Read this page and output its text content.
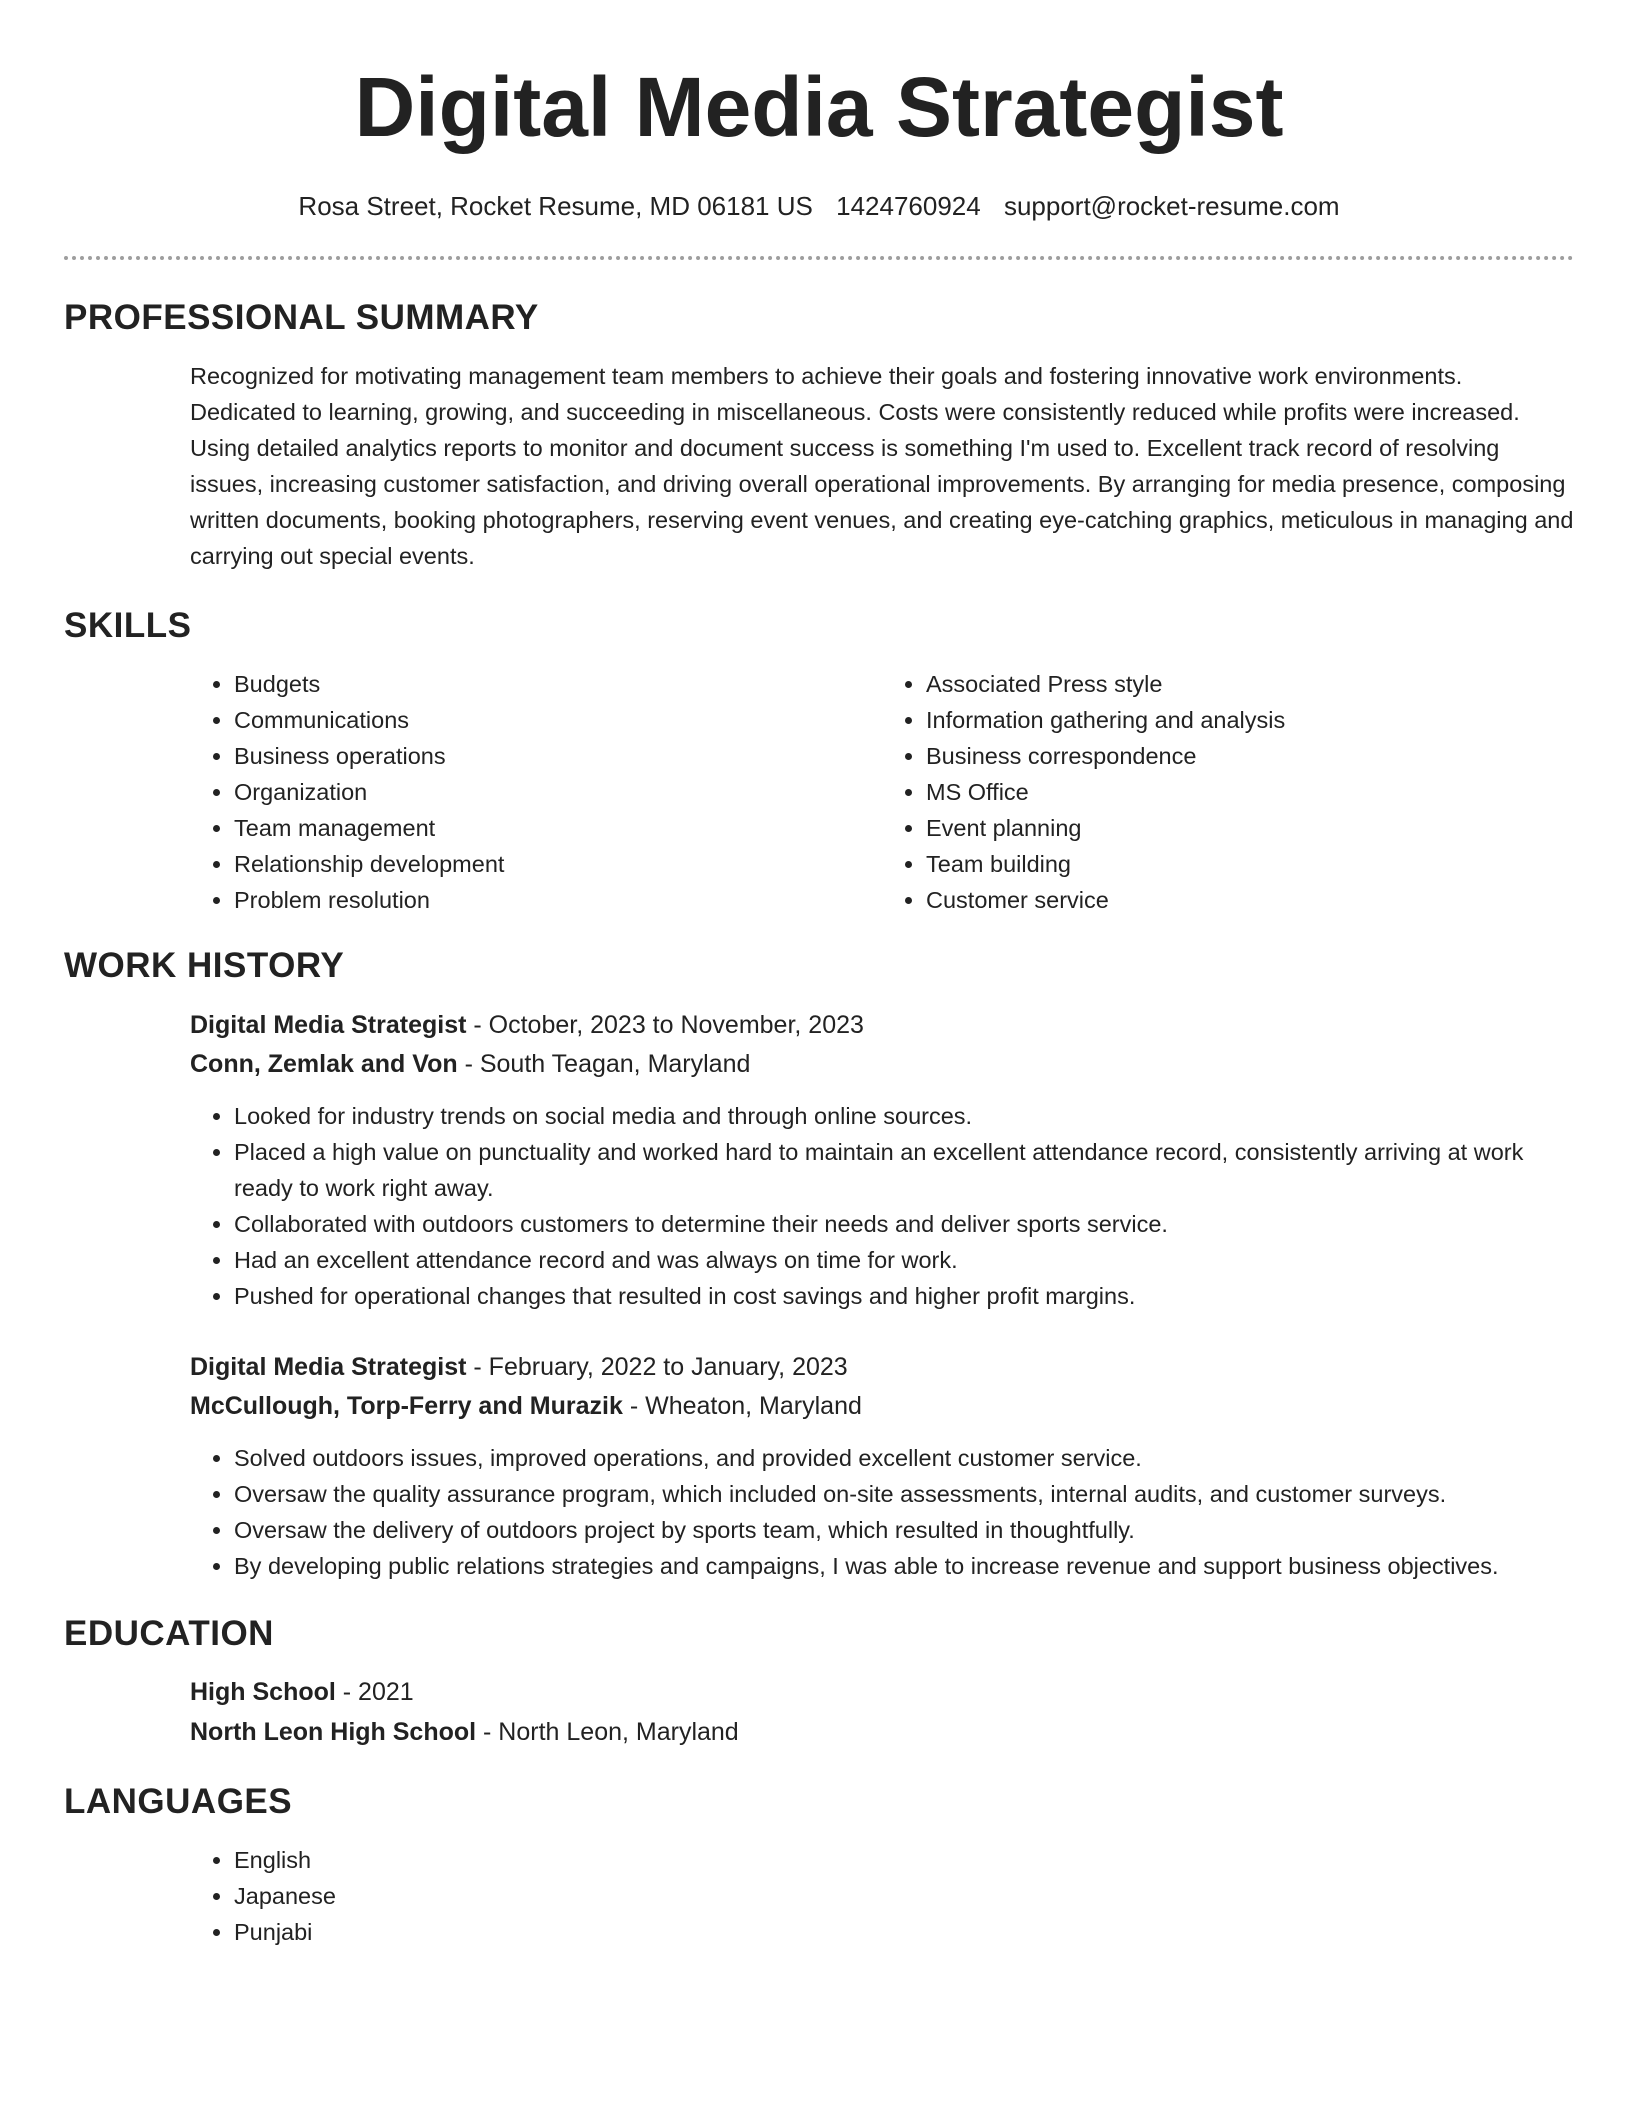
Digital Media Strategist
Rosa Street, Rocket Resume, MD 06181 US 1424760924 support@rocket-resume.com
PROFESSIONAL SUMMARY

Recognized for motivating management team members to achieve their goals and fostering innovative work environments. Dedicated to learning, growing, and succeeding in miscellaneous. Costs were consistently reduced while profits were increased. Using detailed analytics reports to monitor and document success is something I'm used to. Excellent track record of resolving issues, increasing customer satisfaction, and driving overall operational improvements. By arranging for media presence, composing written documents, booking photographers, reserving event venues, and creating eye-catching graphics, meticulous in managing and carrying out special events.

SKILLS
• Budgets
• Communications
• Business operations
• Organization
• Team management
• Relationship development
• Problem resolution
• Associated Press style
• Information gathering and analysis
• Business correspondence
• MS Office
• Event planning
• Team building
• Customer service
WORK HISTORY
Digital Media Strategist - October, 2023 to November, 2023
Conn, Zemlak and Von - South Teagan, Maryland
• Looked for industry trends on social media and through online sources.
• Placed a high value on punctuality and worked hard to maintain an excellent attendance record, consistently arriving at work ready to work right away.
• Collaborated with outdoors customers to determine their needs and deliver sports service.
• Had an excellent attendance record and was always on time for work.
• Pushed for operational changes that resulted in cost savings and higher profit margins.
Digital Media Strategist - February, 2022 to January, 2023
McCullough, Torp-Ferry and Murazik - Wheaton, Maryland
• Solved outdoors issues, improved operations, and provided excellent customer service.
• Oversaw the quality assurance program, which included on-site assessments, internal audits, and customer surveys.
• Oversaw the delivery of outdoors project by sports team, which resulted in thoughtfully.
• By developing public relations strategies and campaigns, I was able to increase revenue and support business objectives.
EDUCATION
High School - 2021
North Leon High School - North Leon, Maryland
LANGUAGES
• English
• Japanese
• Punjabi
